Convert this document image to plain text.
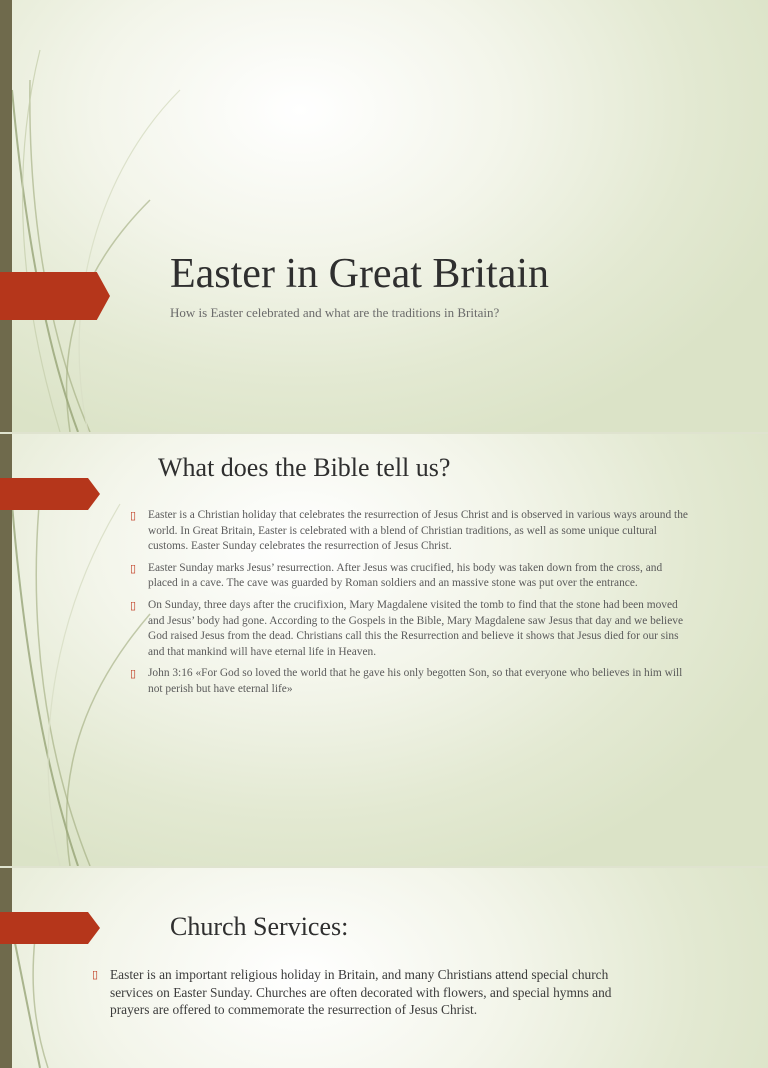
Easter in Great Britain

How is Easter celebrated and what are the traditions in Britain?

What does the Bible tell us?
▯ Easter is a Christian holiday that celebrates the resurrection of Jesus Christ and is observed in various ways around the world. In Great Britain, Easter is celebrated with a blend of Christian traditions, as well as some unique cultural customs. Easter Sunday celebrates the resurrection of Jesus Christ.
▯ Easter Sunday marks Jesus’ resurrection. After Jesus was crucified, his body was taken down from the cross, and placed in a cave. The cave was guarded by Roman soldiers and an massive stone was put over the entrance.
▯ On Sunday, three days after the crucifixion, Mary Magdalene visited the tomb to find that the stone had been moved and Jesus’ body had gone. According to the Gospels in the Bible, Mary Magdalene saw Jesus that day and we believe God raised Jesus from the dead. Christians call this the Resurrection and believe it shows that Jesus died for our sins and that mankind will have eternal life in Heaven.
▯ John 3:16 «For God so loved the world that he gave his only begotten Son, so that everyone who believes in him will not perish but have eternal life»
Church Services:
▯ Easter is an important religious holiday in Britain, and many Christians attend special church services on Easter Sunday. Churches are often decorated with flowers, and special hymns and prayers are offered to commemorate the resurrection of Jesus Christ.
